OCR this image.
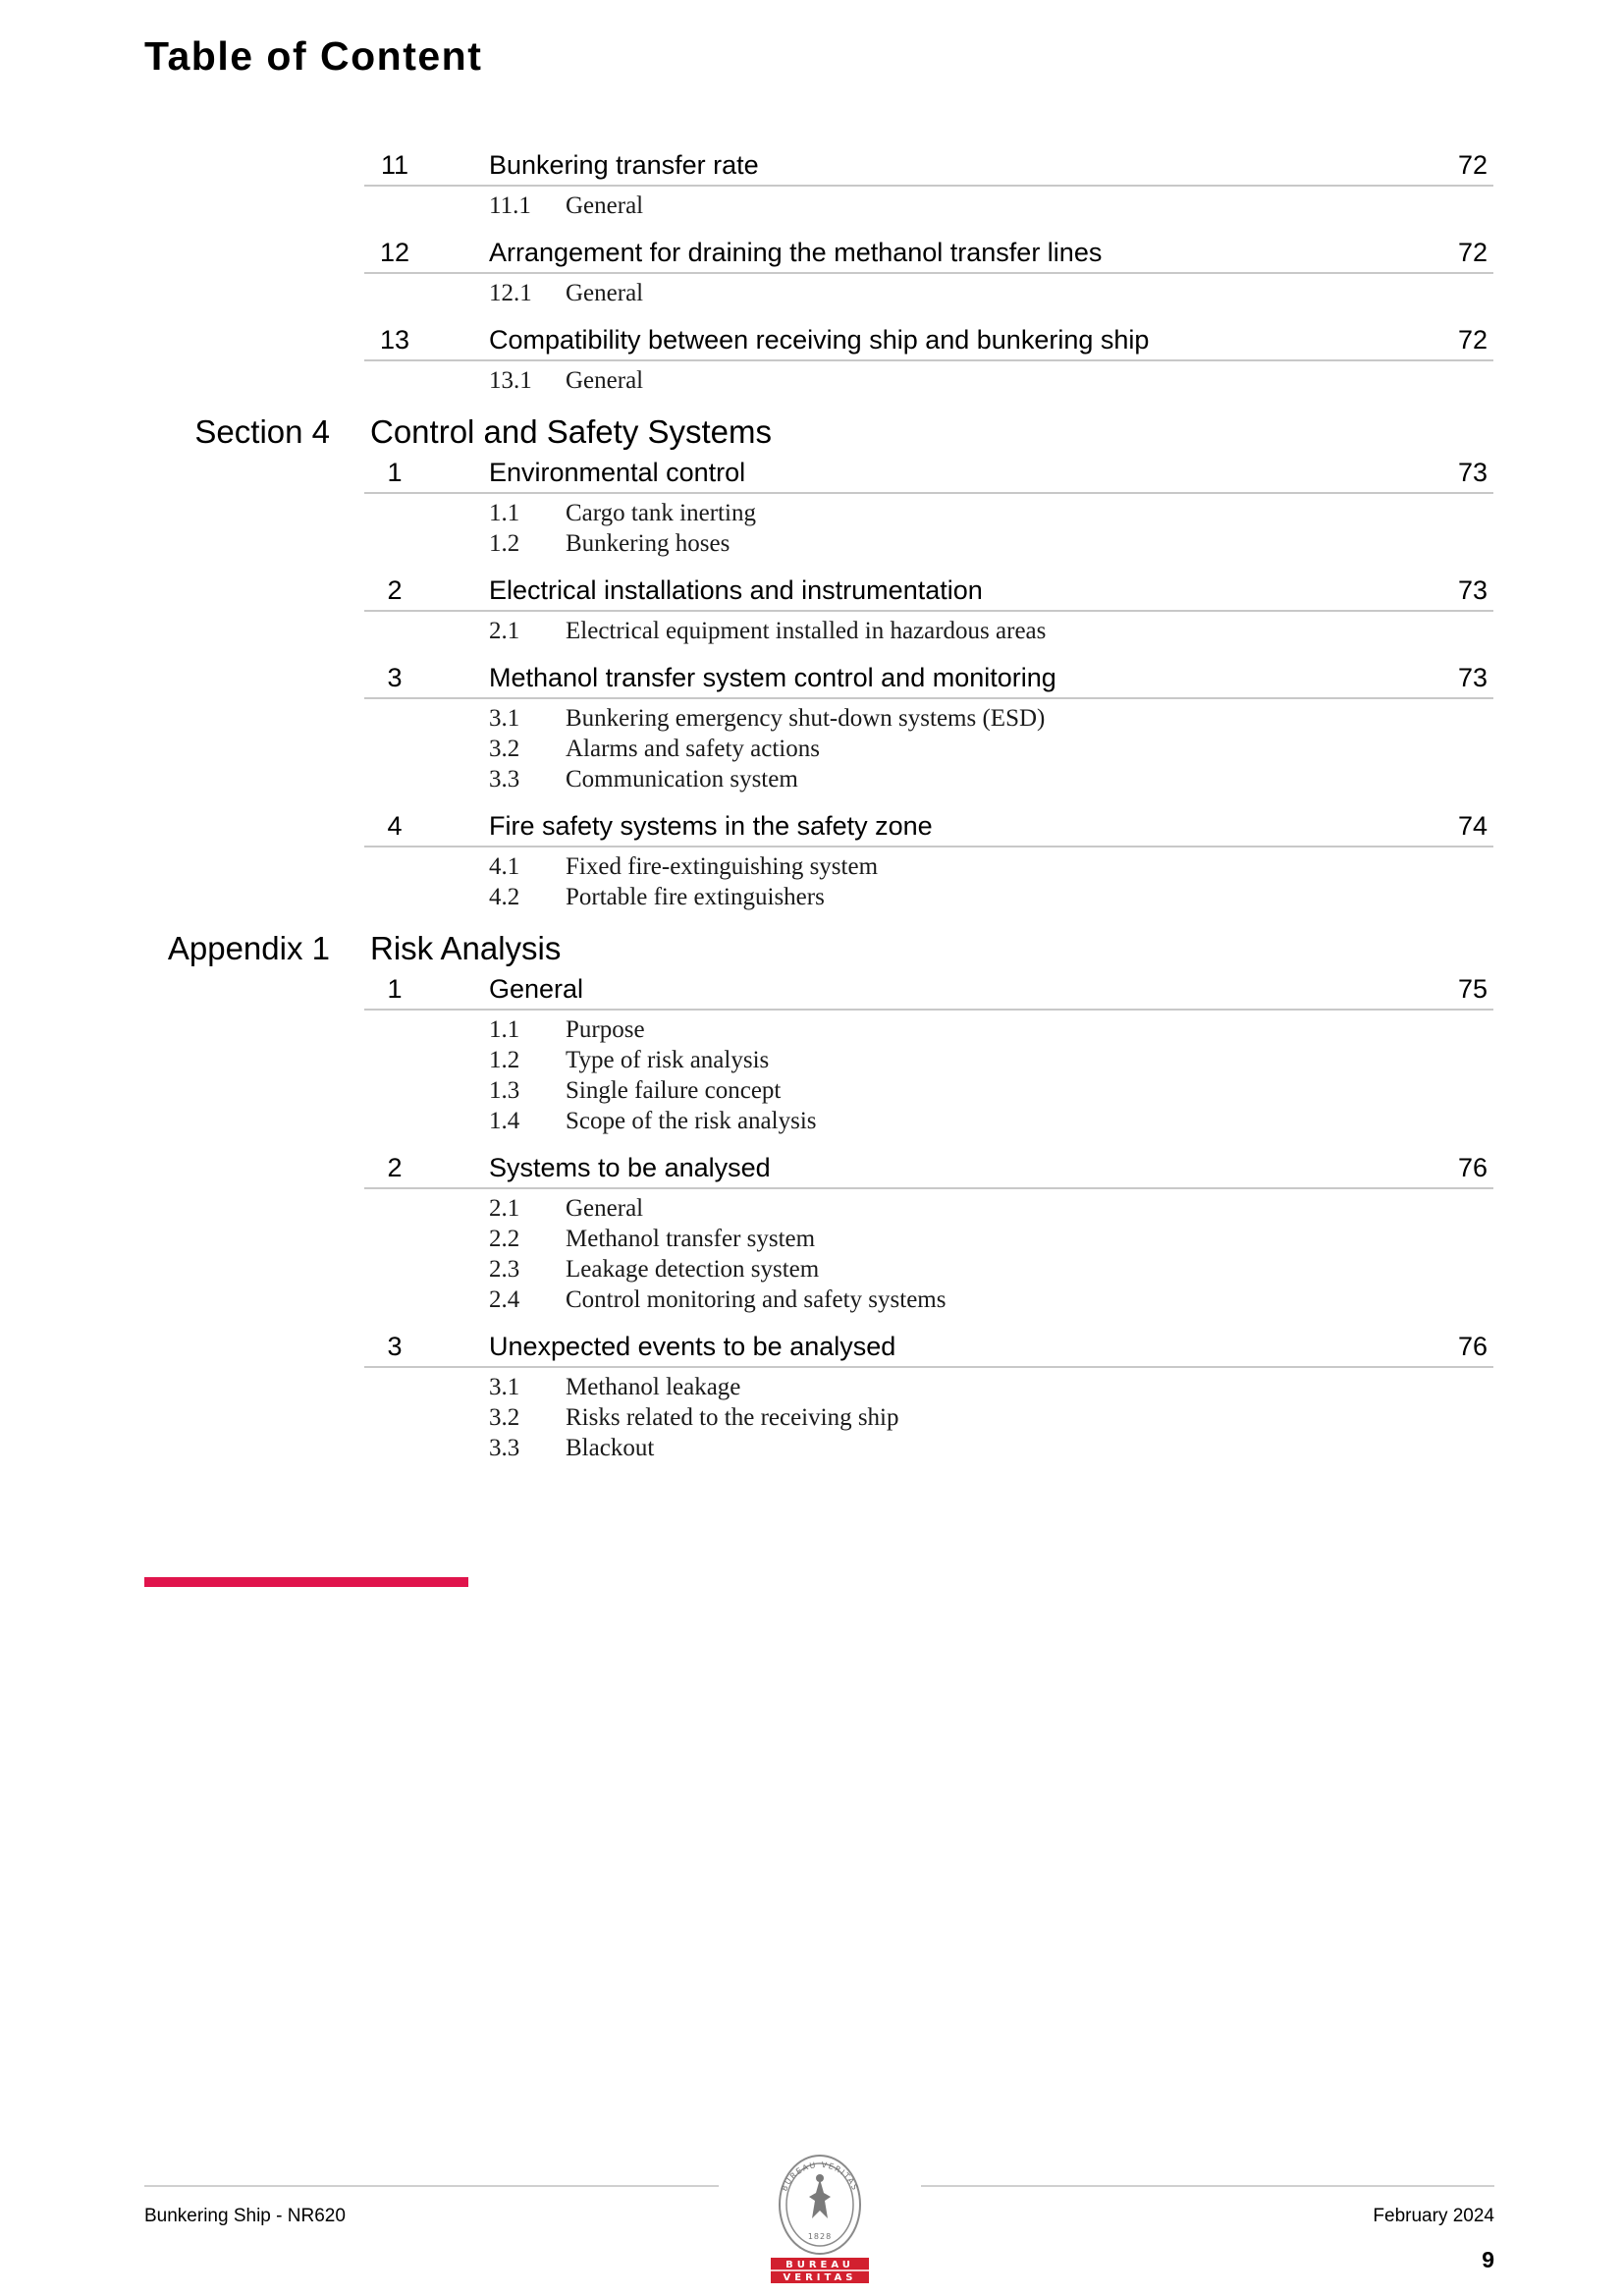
Table of Content
11	Bunkering transfer rate	72
11.1 General
12	Arrangement for draining the methanol transfer lines	72
12.1 General
13	Compatibility between receiving ship and bunkering ship	72
13.1 General
Section 4 Control and Safety Systems
1	Environmental control	73
1.1 Cargo tank inerting
1.2 Bunkering hoses
2	Electrical installations and instrumentation	73
2.1 Electrical equipment installed in hazardous areas
3	Methanol transfer system control and monitoring	73
3.1 Bunkering emergency shut-down systems (ESD)
3.2 Alarms and safety actions
3.3 Communication system
4	Fire safety systems in the safety zone	74
4.1 Fixed fire-extinguishing system
4.2 Portable fire extinguishers
Appendix 1 Risk Analysis
1	General	75
1.1 Purpose
1.2 Type of risk analysis
1.3 Single failure concept
1.4 Scope of the risk analysis
2	Systems to be analysed	76
2.1 General
2.2 Methanol transfer system
2.3 Leakage detection system
2.4 Control monitoring and safety systems
3	Unexpected events to be analysed	76
3.1 Methanol leakage
3.2 Risks related to the receiving ship
3.3 Blackout
Bunkering Ship - NR620	February 2024
9
BUREAU VERITAS
1828
BUREAU
VERITAS
